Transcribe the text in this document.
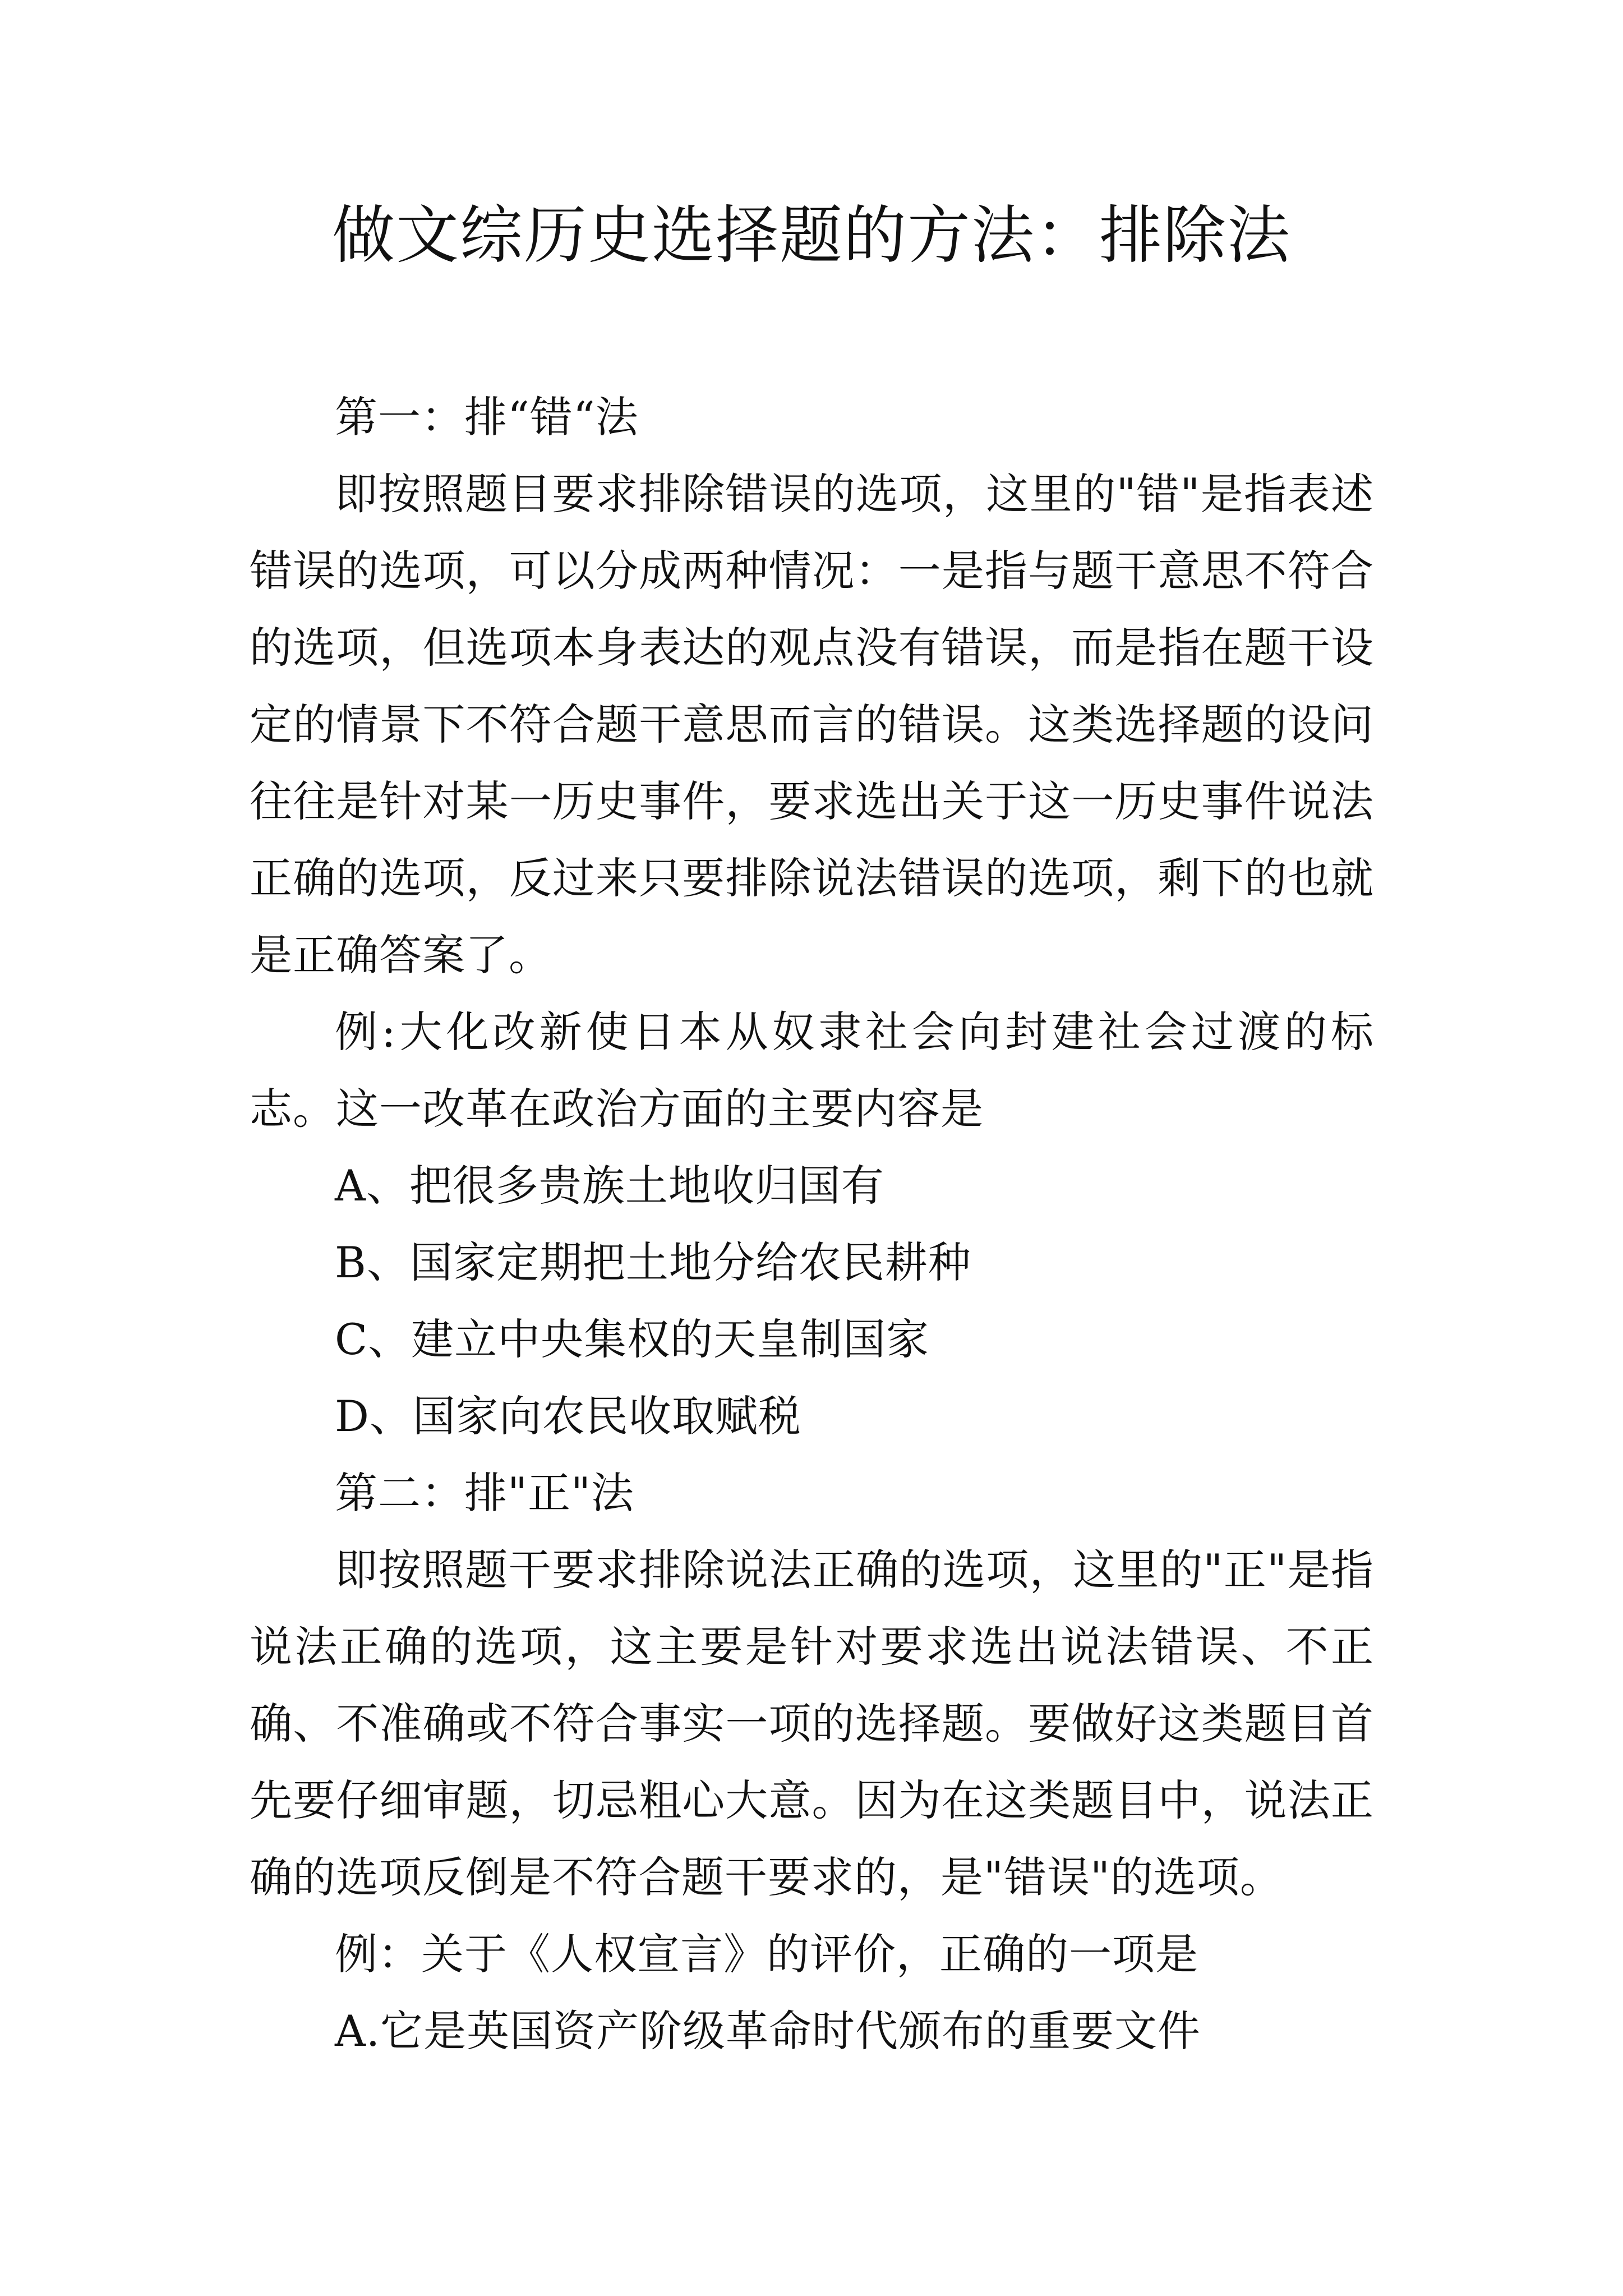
做文综历史选择题的方法：排除法

第一：排“错“法

即按照题目要求排除错误的选项，这里的"错"是指表述错误的选项，可以分成两种情况：一是指与题干意思不符合的选项，但选项本身表达的观点没有错误，而是指在题干设定的情景下不符合题干意思而言的错误。这类选择题的设问往往是针对某一历史事件，要求选出关于这一历史事件说法正确的选项，反过来只要排除说法错误的选项，剩下的也就是正确答案了。

例:大化改新使日本从奴隶社会向封建社会过渡的标志。这一改革在政治方面的主要内容是

A、把很多贵族土地收归国有

B、国家定期把土地分给农民耕种

C、建立中央集权的天皇制国家

D、国家向农民收取赋税

第二：排"正"法

即按照题干要求排除说法正确的选项，这里的"正"是指说法正确的选项，这主要是针对要求选出说法错误、不正确、不准确或不符合事实一项的选择题。要做好这类题目首先要仔细审题，切忌粗心大意。因为在这类题目中，说法正确的选项反倒是不符合题干要求的，是"错误"的选项。

例：关于《人权宣言》的评价，正确的一项是

A.它是英国资产阶级革命时代颁布的重要文件
